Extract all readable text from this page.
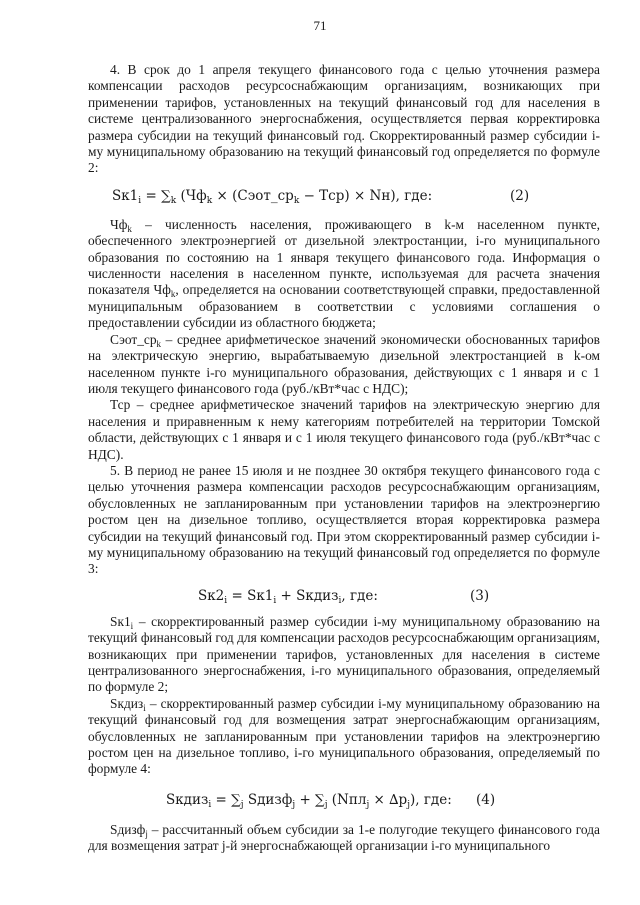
71

4. В срок до 1 апреля текущего финансового года с целью уточнения размера компенсации расходов ресурсоснабжающим организациям, возникающих при применении тарифов, установленных на текущий финансовый год для населения в системе централизованного энергоснабжения, осуществляется первая корректировка размера субсидии на текущий финансовый год. Скорректированный размер субсидии i-му муниципальному образованию на текущий финансовый год определяется по формуле 2:

$Sк1_i = \sum_k$ ($Чф_k$ × $(Сэот\_ср_k - Тср) \times Nн$), где:	(2)

$Чф_k$ – численность населения, проживающего в k-м населенном пункте, обеспеченного электроэнергией от дизельной электростанции, i-го муниципального образования по состоянию на 1 января текущего финансового года. Информация о численности населения в населенном пункте, используемая для расчета значения показателя $Чф_k$, определяется на основании соответствующей справки, предоставленной муниципальным образованием в соответствии с условиями соглашения о предоставлении субсидии из областного бюджета;

$Сэот\_ср_k$ – среднее арифметическое значений экономически обоснованных тарифов на электрическую энергию, вырабатываемую дизельной электростанцией в k-ом населенном пункте i-го муниципального образования, действующих с 1 января и с 1 июля текущего финансового года (руб./кВт*час с НДС);

Тср – среднее арифметическое значений тарифов на электрическую энергию для населения и приравненным к нему категориям потребителей на территории Томской области, действующих с 1 января и с 1 июля текущего финансового года (руб./кВт*час с НДС).

5. В период не ранее 15 июля и не позднее 30 октября текущего финансового года с целью уточнения размера компенсации расходов ресурсоснабжающим организациям, обусловленных не запланированным при установлении тарифов на электроэнергию ростом цен на дизельное топливо, осуществляется вторая корректировка размера субсидии на текущий финансовый год. При этом скорректированный размер субсидии i-му муниципальному образованию на текущий финансовый год определяется по формуле 3:

$Sк2_i = Sк1_i$ + Sкдиз$_i$, где:	(3)

$Sк1_i$ – скорректированный размер субсидии i-му муниципальному образованию на текущий финансовый год для компенсации расходов ресурсоснабжающим организациям, возникающих при применении тарифов, установленных для населения в системе централизованного энергоснабжения, i-го муниципального образования, определяемый по формуле 2;

Sкдиз$_i$ – скорректированный размер субсидии i-му муниципальному образованию на текущий финансовый год для возмещения затрат энергоснабжающим организациям, обусловленных не запланированным при установлении тарифов на электроэнергию ростом цен на дизельное топливо, i-го муниципального образования, определяемый по формуле 4:

Sкдиз$_i$ = $\sum_j$ Sдизф$_j$ + $\sum_j$ $(Nпл_j \times \Delta p_j)$, где: (4)

Sдизф$_j$ – рассчитанный объем субсидии за 1-е полугодие текущего финансового года для возмещения затрат j-й энергоснабжающей организации i-го муниципального
